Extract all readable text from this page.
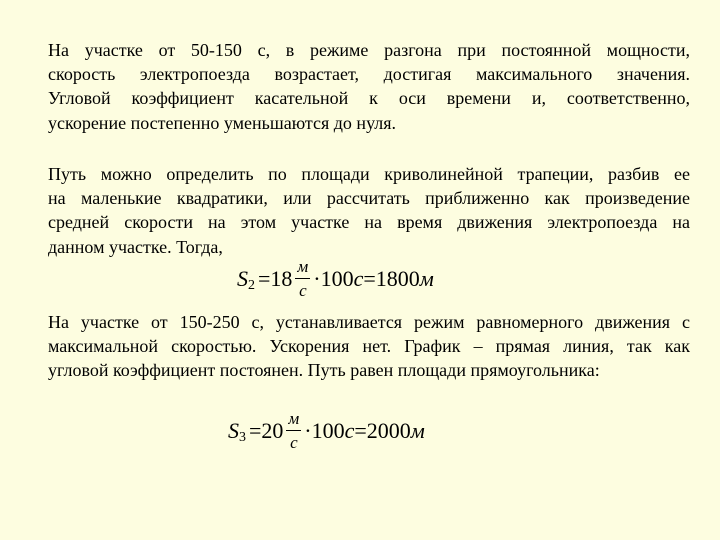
На участке от 50-150 с, в режиме разгона при постоянной мощности,
скорость электропоезда возрастает, достигая максимального значения.
Угловой коэффициент касательной к оси времени и, соответственно,
ускорение постепенно уменьшаются до нуля.
Путь можно определить по площади криволинейной трапеции, разбив ее
на маленькие квадратики, или рассчитать приближенно как произведение
средней скорости на этом участке на время движения электропоезда на
данном участке. Тогда,
S $2 = 18 \frac{м}{с} \cdot 100$ с = 1800 м
На участке от 150-250 с, устанавливается режим равномерного движения с
максимальной скоростью. Ускорения нет. График – прямая линия, так как
угловой коэффициент постоянен. Путь равен площади прямоугольника:
S $3 = 20 \frac{м}{с} \cdot 100$ с = 2000 м
